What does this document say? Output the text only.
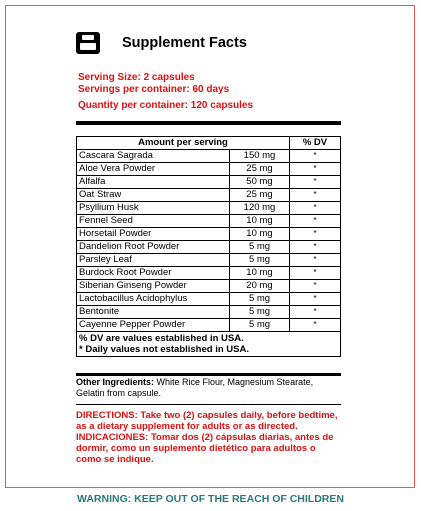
Supplement Facts
Serving Size: 2 capsules
Servings per container: 60 days
Quantity per container: 120 capsules
Amount per serving		% DV
Cascara Sagrada	150 mg	*
Aloe Vera Powder	25 mg	*
Alfalfa	50 mg	*
Oat Straw	25 mg	*
Psyllium Husk	120 mg	*
Fennel Seed	10 mg	*
Horsetail Powder	10 mg	*
Dandelion Root Powder	5 mg	*
Parsley Leaf	5 mg	*
Burdock Root Powder	10 mg	*
Siberian Ginseng Powder	20 mg	*
Lactobacillus Acidophylus	5 mg	*
Bentonite	5 mg	*
Cayenne Pepper Powder	5 mg	*
% DV are values established in USA.
* Daily values not established in USA.
Other Ingredients: White Rice Flour, Magnesium Stearate, Gelatin from capsule.
DIRECTIONS: Take two (2) capsules daily, before bedtime, as a dietary supplement for adults or as directed.
INDICACIONES: Tomar dos (2) cápsulas diarias, antes de dormir, como un suplemento dietético para adultos o como se indique.
WARNING: KEEP OUT OF THE REACH OF CHILDREN
